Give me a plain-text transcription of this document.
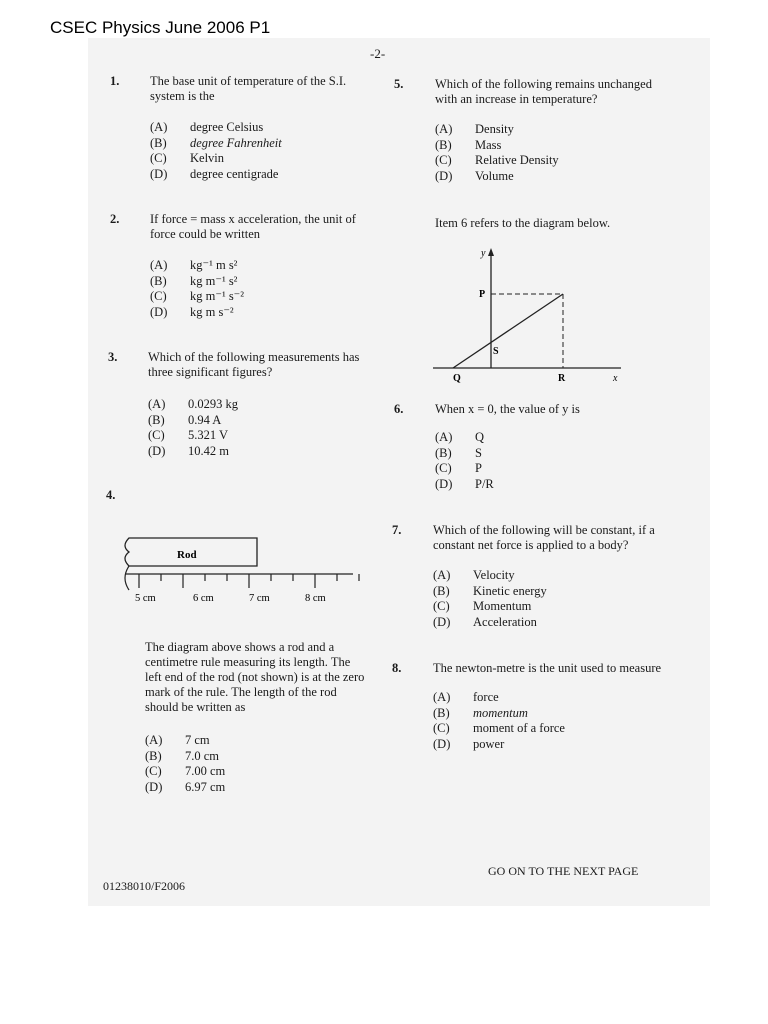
CSEC Physics June 2006 P1
-2-
1. The base unit of temperature of the S.I. system is the
(A)	degree Celsius
(B)	degree Fahrenheit
(C)	Kelvin
(D)	degree centigrade
2. If force = mass x acceleration, the unit of force could be written
(A)	kg⁻¹ m s²
(B)	kg m⁻¹ s²
(C)	kg m⁻¹ s⁻²
(D)	kg m s⁻²
3. Which of the following measurements has three significant figures?
(A)	0.0293 kg
(B)	0.94 A
(C)	5.321 V
(D)	10.42 m
4.
Rod
5 cm	6 cm	7 cm	8 cm
The diagram above shows a rod and a centimetre rule measuring its length. The left end of the rod (not shown) is at the zero mark of the rule. The length of the rod should be written as
(A)	7 cm
(B)	7.0 cm
(C)	7.00 cm
(D)	6.97 cm
5.	Which of the following remains unchanged with an increase in temperature?
(A)	Density
(B)	Mass
(C)	Relative Density
(D)	Volume
Item 6 refers to the diagram below.
y
x
P
S
Q	R
6.	When x = 0, the value of y is
(A)	Q
(B)	S
(C)	P
(D)	P/R
7.	Which of the following will be constant, if a constant net force is applied to a body?
(A)	Velocity
(B)	Kinetic energy
(C)	Momentum
(D)	Acceleration
8.	The newton-metre is the unit used to measure
(A)	force
(B)	momentum
(C)	moment of a force
(D)	power
GO ON TO THE NEXT PAGE
01238010/F2006
